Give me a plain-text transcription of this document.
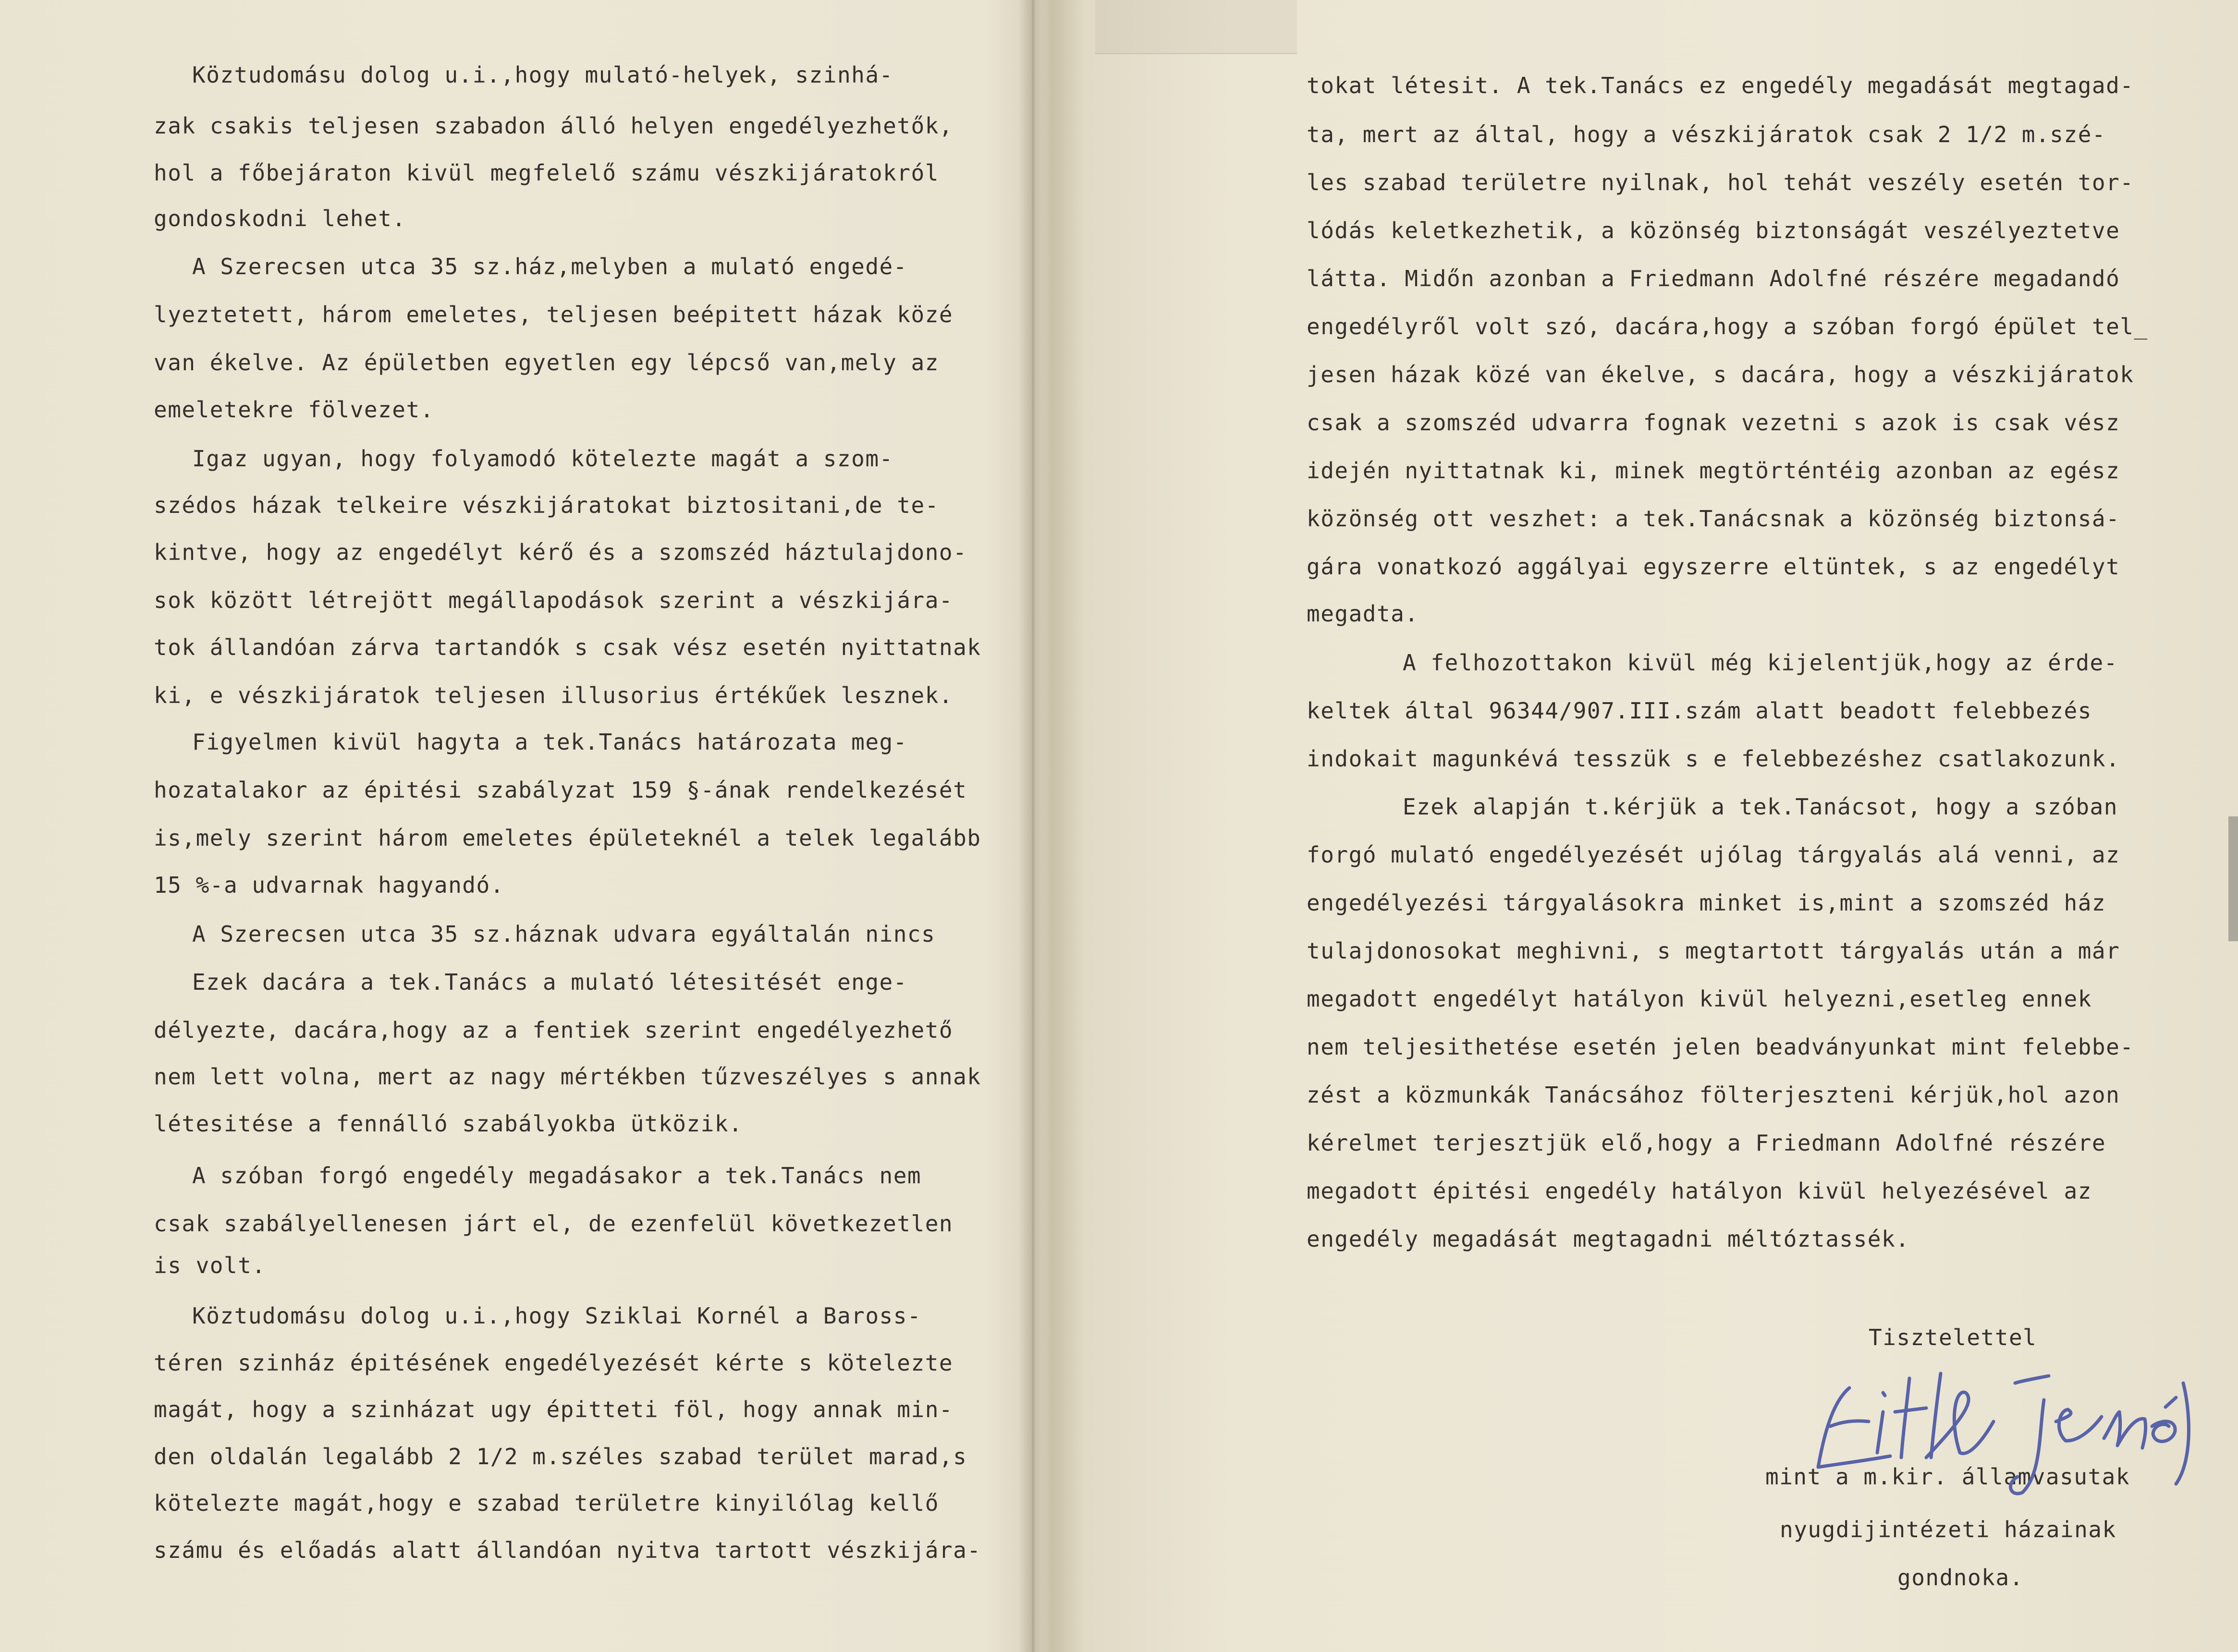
Köztudomásu dolog u.i.,hogy mulató-helyek, szinhá-

zak csakis teljesen szabadon álló helyen engedélyezhetők,

hol a főbejáraton kivül megfelelő számu vészkijáratokról

gondoskodni lehet.

A Szerecsen utca 35 sz.ház,melyben a mulató engedé-

lyeztetett, három emeletes, teljesen beépitett házak közé

van ékelve. Az épületben egyetlen egy lépcső van,mely az

emeletekre fölvezet.

Igaz ugyan, hogy folyamodó kötelezte magát a szom-

szédos házak telkeire vészkijáratokat biztositani,de te-

kintve, hogy az engedélyt kérő és a szomszéd háztulajdono-

sok között létrejött megállapodások szerint a vészkijára-

tok állandóan zárva tartandók s csak vész esetén nyittatnak

ki, e vészkijáratok teljesen illusorius értékűek lesznek.

Figyelmen kivül hagyta a tek.Tanács határozata meg-

hozatalakor az épitési szabályzat 159 §-ának rendelkezését

is,mely szerint három emeletes épületeknél a telek legalább

15 %-a udvarnak hagyandó.

A Szerecsen utca 35 sz.háznak udvara egyáltalán nincs

Ezek dacára a tek.Tanács a mulató létesitését enge-

délyezte, dacára,hogy az a fentiek szerint engedélyezhető

nem lett volna, mert az nagy mértékben tűzveszélyes s annak

létesitése a fennálló szabályokba ütközik.

A szóban forgó engedély megadásakor a tek.Tanács nem

csak szabályellenesen járt el, de ezenfelül következetlen

is volt.

Köztudomásu dolog u.i.,hogy Sziklai Kornél a Baross-

téren szinház épitésének engedélyezését kérte s kötelezte

magát, hogy a szinházat ugy épitteti föl, hogy annak min-

den oldalán legalább 2 1/2 m.széles szabad terület marad,s

kötelezte magát,hogy e szabad területre kinyilólag kellő

számu és előadás alatt állandóan nyitva tartott vészkijára-

tokat létesit. A tek.Tanács ez engedély megadását megtagad-

ta, mert az által, hogy a vészkijáratok csak 2 1/2 m.szé-

les szabad területre nyilnak, hol tehát veszély esetén tor-

lódás keletkezhetik, a közönség biztonságát veszélyeztetve

látta. Midőn azonban a Friedmann Adolfné részére megadandó

engedélyről volt szó, dacára,hogy a szóban forgó épület tel_

jesen házak közé van ékelve, s dacára, hogy a vészkijáratok

csak a szomszéd udvarra fognak vezetni s azok is csak vész

idején nyittatnak ki, minek megtörténtéig azonban az egész

közönség ott veszhet: a tek.Tanácsnak a közönség biztonsá-

gára vonatkozó aggályai egyszerre eltüntek, s az engedélyt

megadta.

A felhozottakon kivül még kijelentjük,hogy az érde-

keltek által 96344/907.III.szám alatt beadott felebbezés

indokait magunkévá tesszük s e felebbezéshez csatlakozunk.

Ezek alapján t.kérjük a tek.Tanácsot, hogy a szóban

forgó mulató engedélyezését ujólag tárgyalás alá venni, az

engedélyezési tárgyalásokra minket is,mint a szomszéd ház

tulajdonosokat meghivni, s megtartott tárgyalás után a már

megadott engedélyt hatályon kivül helyezni,esetleg ennek

nem teljesithetése esetén jelen beadványunkat mint felebbe-

zést a közmunkák Tanácsához fölterjeszteni kérjük,hol azon

kérelmet terjesztjük elő,hogy a Friedmann Adolfné részére

megadott épitési engedély hatályon kivül helyezésével az

engedély megadását megtagadni méltóztassék.

Tisztelettel

mint a m.kir. államvasutak

nyugdijintézeti házainak

gondnoka.
